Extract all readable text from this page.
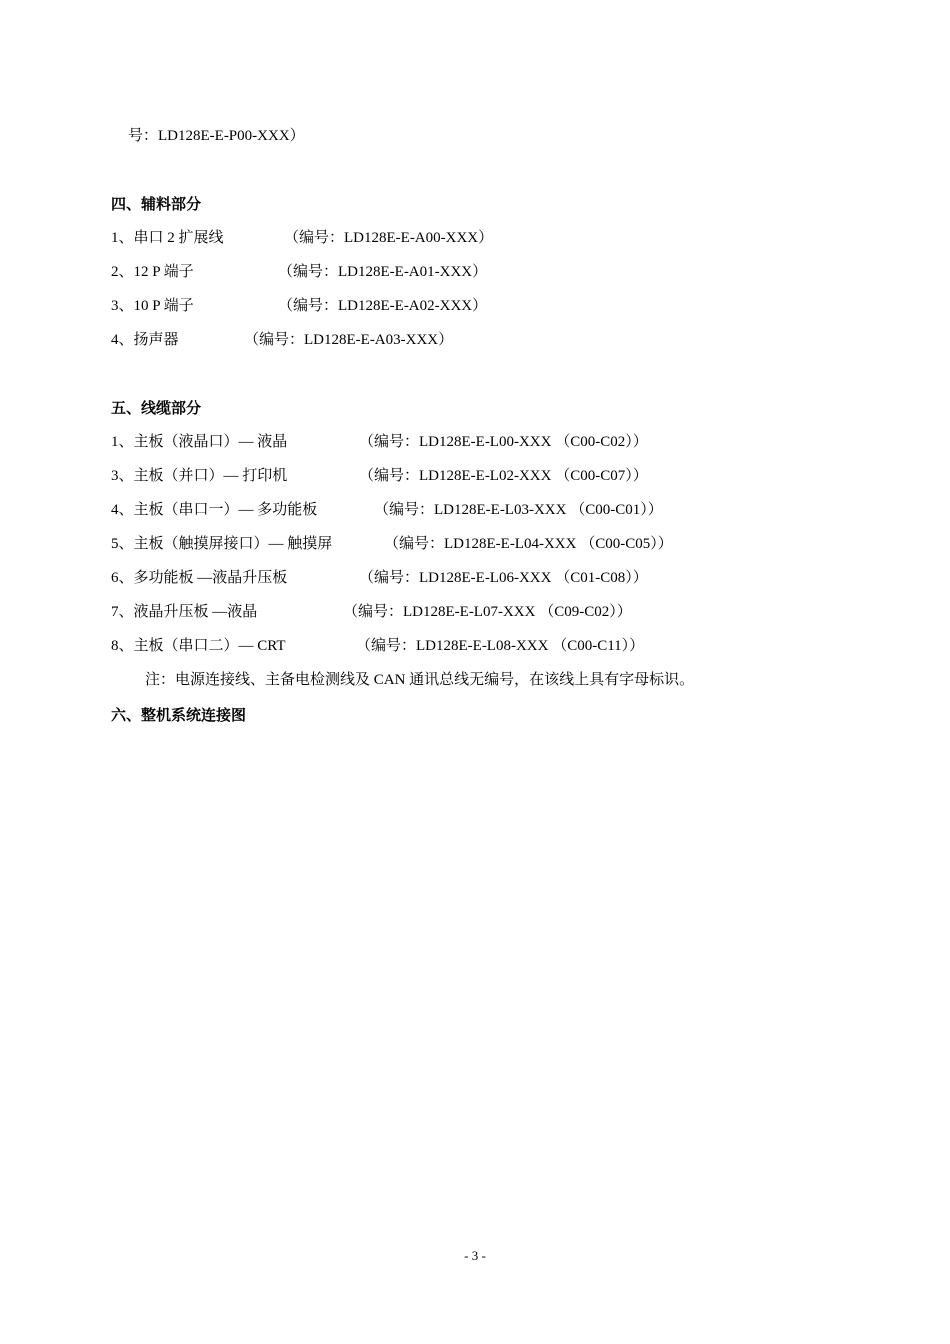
号：LD128E-E-P00-XXX）
四、辅料部分
1、串口 2 扩展线	（编号：LD128E-E-A00-XXX）
2、12 P 端子	（编号：LD128E-E-A01-XXX）
3、10 P 端子	（编号：LD128E-E-A02-XXX）
4、扬声器	（编号：LD128E-E-A03-XXX）
五、线缆部分
1、主板（液晶口）— 液晶	（编号：LD128E-E-L00-XXX （C00-C02））
3、主板（并口）— 打印机	（编号：LD128E-E-L02-XXX （C00-C07））
4、主板（串口一）— 多功能板	（编号：LD128E-E-L03-XXX （C00-C01））
5、主板（触摸屏接口）— 触摸屏	（编号：LD128E-E-L04-XXX （C00-C05））
6、多功能板 —液晶升压板	（编号：LD128E-E-L06-XXX （C01-C08））
7、液晶升压板 —液晶	（编号：LD128E-E-L07-XXX （C09-C02））
8、主板（串口二）— CRT	（编号：LD128E-E-L08-XXX （C00-C11））
注：电源连接线、主备电检测线及 CAN 通讯总线无编号，在该线上具有字母标识。
六、整机系统连接图
- 3 -
